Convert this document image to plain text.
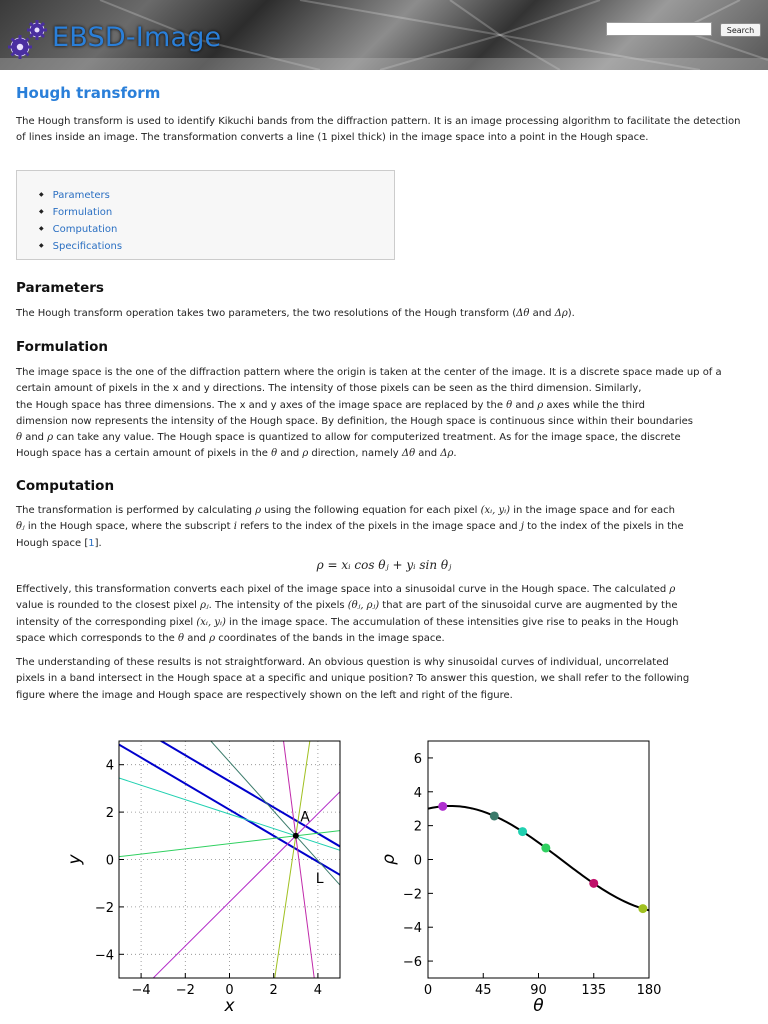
EBSD-Image	Search
Hough transform

The Hough transform is used to identify Kikuchi bands from the diffraction pattern. It is an image processing algorithm to facilitate the detection of lines inside an image. The transformation converts a line (1 pixel thick) in the image space into a point in the Hough space.

◆ Parameters
◆ Formulation
◆ Computation
◆ Specifications
Parameters

The Hough transform operation takes two parameters, the two resolutions of the Hough transform (Δθ and Δρ).

Formulation

The image space is the one of the diffraction pattern where the origin is taken at the center of the image. It is a discrete space made up of a certain amount of pixels in the x and y directions. The intensity of those pixels can be seen as the third dimension. Similarly,

the Hough space has three dimensions. The x and y axes of the image space are replaced by the θ and ρ axes while the third

dimension now represents the intensity of the Hough space. By definition, the Hough space is continuous since within their boundaries

θ and ρ can take any value. The Hough space is quantized to allow for computerized treatment. As for the image space, the discrete

Hough space has a certain amount of pixels in the θ and ρ direction, namely Δθ and Δρ.

Computation

The transformation is performed by calculating ρ using the following equation for each pixel (xᵢ, yᵢ) in the image space and for each

θⱼ in the Hough space, where the subscript i refers to the index of the pixels in the image space and j to the index of the pixels in the

Hough space [1].

ρ = xᵢ cos θⱼ + yᵢ sin θⱼ

Effectively, this transformation converts each pixel of the image space into a sinusoidal curve in the Hough space. The calculated ρ

value is rounded to the closest pixel ρⱼ. The intensity of the pixels (θⱼ, ρⱼ) that are part of the sinusoidal curve are augmented by the

intensity of the corresponding pixel (xᵢ, yᵢ) in the image space. The accumulation of these intensities give rise to peaks in the Hough

space which corresponds to the θ and ρ coordinates of the bands in the image space.

The understanding of these results is not straightforward. An obvious question is why sinusoidal curves of individual, uncorrelated

pixels in a band intersect in the Hough space at a specific and unique position? To answer this question, we shall refer to the following

figure where the image and Hough space are respectively shown on the left and right of the figure.

A
L
−4 −2 0	2	4
−4
−2
0
2
4
x
y
0	45	90	135 180
−6
−4
−2
0
2
4
6
θ
ρ
